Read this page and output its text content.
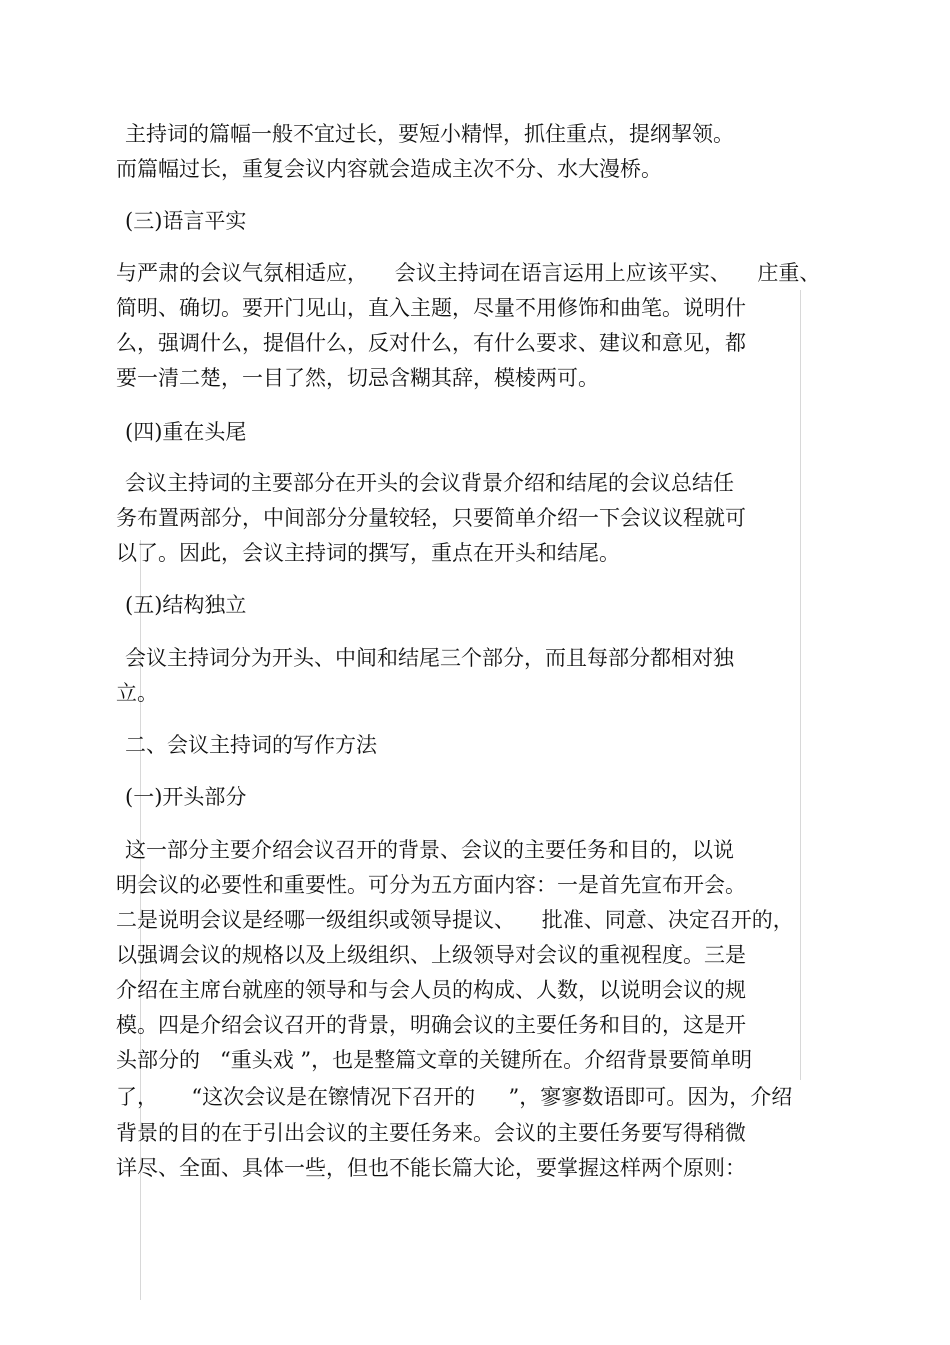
主持词的篇幅一般不宜过长，要短小精悍，抓住重点，提纲挈领。
而篇幅过长，重复会议内容就会造成主次不分、水大漫桥。
(三)语言平实
与严肃的会议气氛相适应，    会议主持词在语言运用上应该平实、    庄重、
简明、确切。要开门见山，直入主题，尽量不用修饰和曲笔。说明什
么，强调什么，提倡什么，反对什么，有什么要求、建议和意见，都
要一清二楚，一目了然，切忌含糊其辞，模棱两可。
(四)重在头尾
会议主持词的主要部分在开头的会议背景介绍和结尾的会议总结任
务布置两部分，中间部分分量较轻，只要简单介绍一下会议议程就可
以了。因此，会议主持词的撰写，重点在开头和结尾。
(五)结构独立
会议主持词分为开头、中间和结尾三个部分，而且每部分都相对独
立。
二、会议主持词的写作方法
(一)开头部分
这一部分主要介绍会议召开的背景、会议的主要任务和目的，以说
明会议的必要性和重要性。可分为五方面内容：一是首先宣布开会。
二是说明会议是经哪一级组织或领导提议、    批准、同意、决定召开的，
以强调会议的规格以及上级组织、上级领导对会议的重视程度。三是
介绍在主席台就座的领导和与会人员的构成、人数，以说明会议的规
模。四是介绍会议召开的背景，明确会议的主要任务和目的，这是开
头部分的   “重头戏 ”，也是整篇文章的关键所在。介绍背景要简单明
了，     “这次会议是在镲情况下召开的     ”，寥寥数语即可。因为，介绍
背景的目的在于引出会议的主要任务来。会议的主要任务要写得稍微
详尽、全面、具体一些，但也不能长篇大论，要掌握这样两个原则：
